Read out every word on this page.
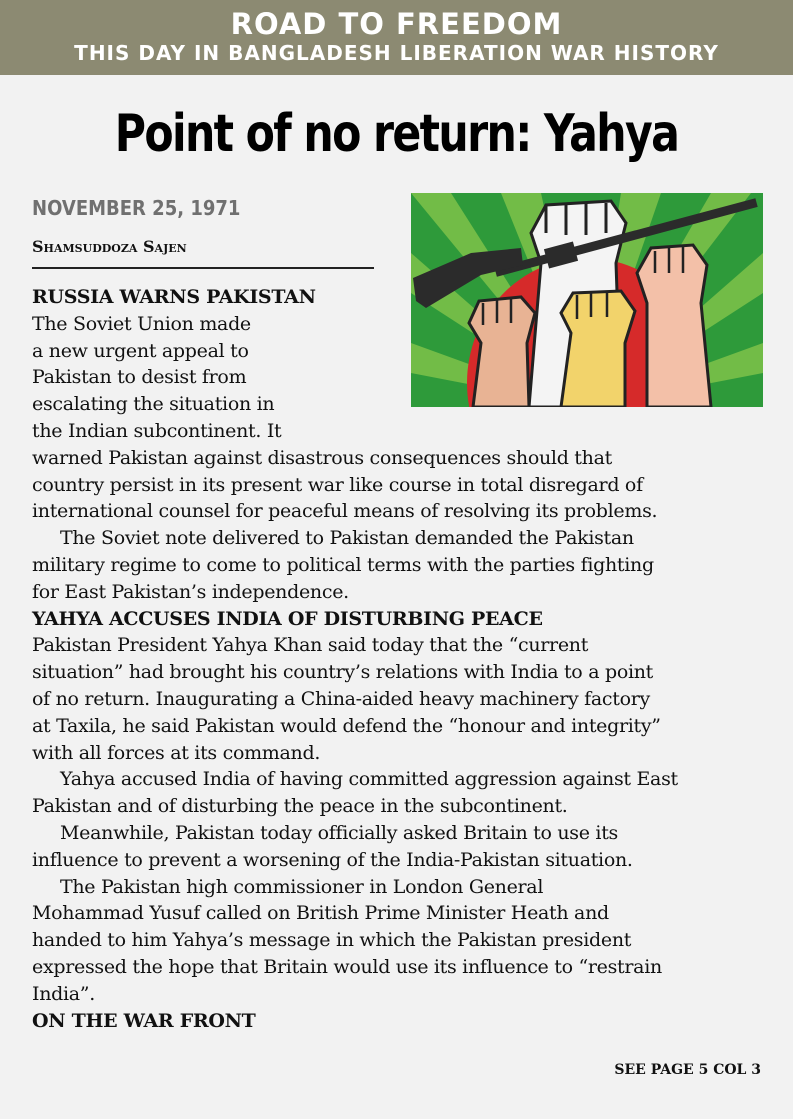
ROAD TO FREEDOM
THIS DAY IN BANGLADESH LIBERATION WAR HISTORY
Point of no return: Yahya
NOVEMBER 25, 1971
Shamsuddoza Sajen
RUSSIA WARNS PAKISTAN
The Soviet Union made
a new urgent appeal to
Pakistan to desist from
escalating the situation in
the Indian subcontinent. It
warned Pakistan against disastrous consequences should that
country persist in its present war like course in total disregard of
international counsel for peaceful means of resolving its problems.
The Soviet note delivered to Pakistan demanded the Pakistan
military regime to come to political terms with the parties fighting
for East Pakistan’s independence.
YAHYA ACCUSES INDIA OF DISTURBING PEACE
Pakistan President Yahya Khan said today that the “current
situation” had brought his country’s relations with India to a point
of no return. Inaugurating a China-aided heavy machinery factory
at Taxila, he said Pakistan would defend the “honour and integrity”
with all forces at its command.
Yahya accused India of having committed aggression against East
Pakistan and of disturbing the peace in the subcontinent.
Meanwhile, Pakistan today officially asked Britain to use its
influence to prevent a worsening of the India-Pakistan situation.
The Pakistan high commissioner in London General
Mohammad Yusuf called on British Prime Minister Heath and
handed to him Yahya’s message in which the Pakistan president
expressed the hope that Britain would use its influence to “restrain
India”.
ON THE WAR FRONT
SEE PAGE 5 COL 3
